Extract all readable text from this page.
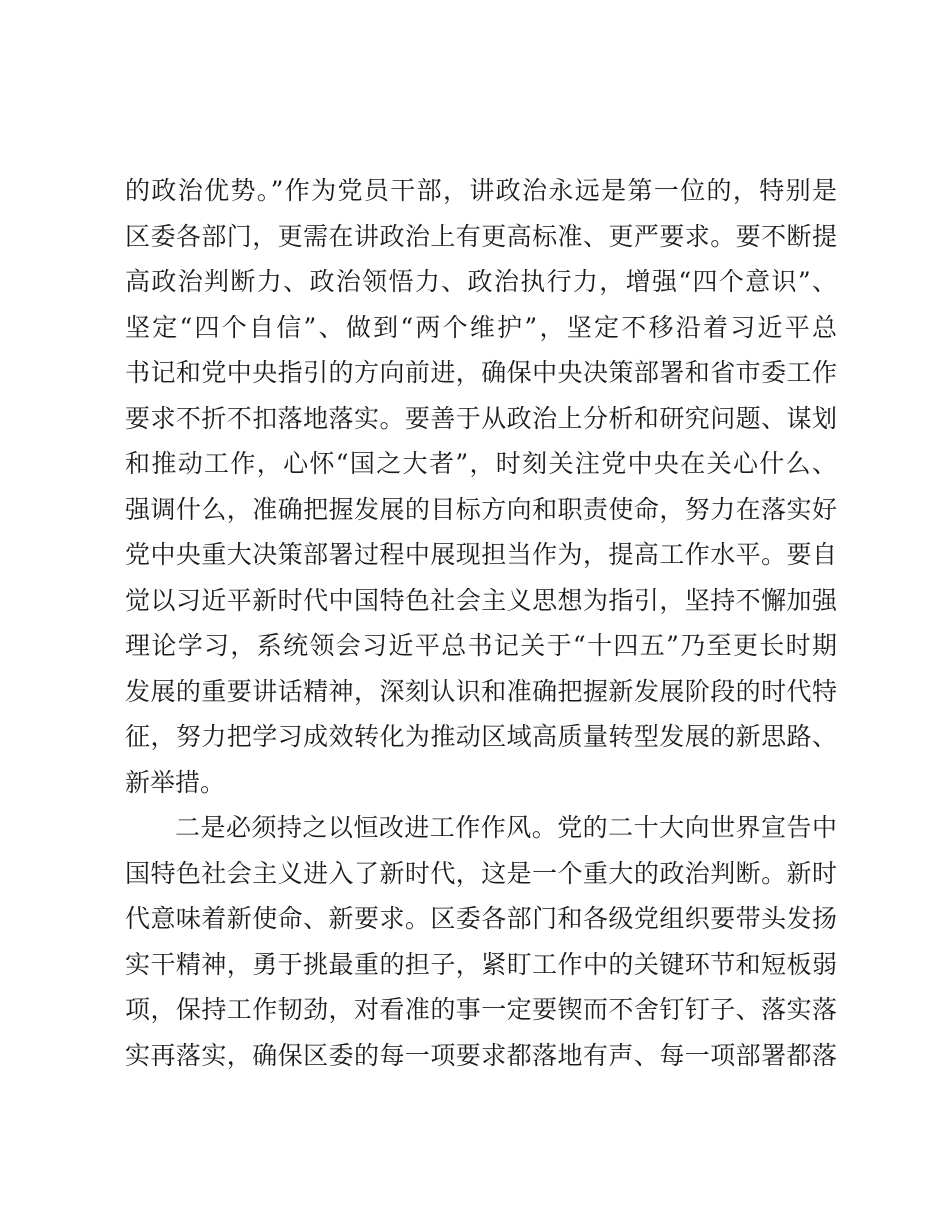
的政治优势。”作为党员干部，讲政治永远是第一位的，特别是
区委各部门，更需在讲政治上有更高标准、更严要求。要不断提
高政治判断力、政治领悟力、政治执行力，增强“四个意识”、
坚定“四个自信”、做到“两个维护”，坚定不移沿着习近平总
书记和党中央指引的方向前进，确保中央决策部署和省市委工作
要求不折不扣落地落实。要善于从政治上分析和研究问题、谋划
和推动工作，心怀“国之大者”，时刻关注党中央在关心什么、
强调什么，准确把握发展的目标方向和职责使命，努力在落实好
党中央重大决策部署过程中展现担当作为，提高工作水平。要自
觉以习近平新时代中国特色社会主义思想为指引，坚持不懈加强
理论学习，系统领会习近平总书记关于“十四五”乃至更长时期
发展的重要讲话精神，深刻认识和准确把握新发展阶段的时代特
征，努力把学习成效转化为推动区域高质量转型发展的新思路、
新举措。
二是必须持之以恒改进工作作风。党的二十大向世界宣告中
国特色社会主义进入了新时代，这是一个重大的政治判断。新时
代意味着新使命、新要求。区委各部门和各级党组织要带头发扬
实干精神，勇于挑最重的担子，紧盯工作中的关键环节和短板弱
项，保持工作韧劲，对看准的事一定要锲而不舍钉钉子、落实落
实再落实，确保区委的每一项要求都落地有声、每一项部署都落
